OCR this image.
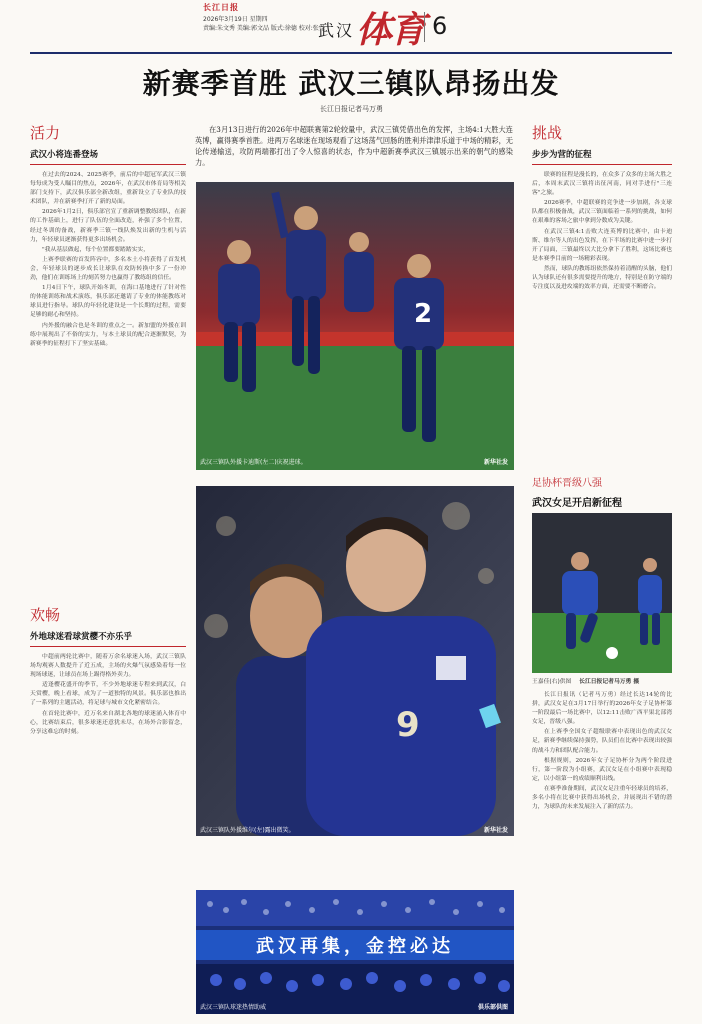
长江日报
2026年3月19日 星期四
责编:朱文秀 美编:郭文品 版式:徐德 校对:张尧
武汉 体育 6
新赛季首胜 武汉三镇队昂扬出发
长江日报记者马万勇
在3月13日进行的2026年中超联赛第2轮较量中，武汉三镇凭借出色的发挥，主场4:1大胜大连英博，赢得赛季首胜。进两万名球迷在现场观看了这场荡气回肠的胜利并津津乐道于中场的精彩，无论传递输送，攻防两端都打出了令人惊喜的状态，作为中超新赛季武汉三镇展示出来的朝气的感染力。
活力
武汉小将连番登场

在过去的2024、2025赛季，前后的中超冠军武汉三镇每每成为受人瞩目的焦点，2026年，在武汉市体育局等相关部门支持下，武汉俱乐部全新改组，重新设立了专业队的技术团队，并在新赛季打开了新的局面。

2026年1月2日，俱乐部官宣了重新调整教练团队，在新的工作基础上，进行了队伍的全面改造，补强了多个位置，经过冬训的备战，新赛季三镇一线队焕发出新的生机与活力，年轻球员逐渐获得更多出场机会。

"我从基层做起，每个位置都要踏踏实实，

上赛季联赛的首发阵容中，多名本土小将获得了首发机会，年轻球员的逐步成长让球队在攻防转换中多了一份冲劲，他们在训练场上的刻苦努力也赢得了教练组的信任。

1月4日下午，球队开始冬训，在海口基地进行了针对性的体能训练和战术演练，俱乐部还邀请了专业的体能教练对球员进行指导。球队的年轻化建设是一个长期的过程，需要足够的耐心和坚持。

内外援的融合也是冬训的重点之一。新加盟的外援在训练中展现出了不俗的实力，与本土球员的配合逐渐默契，为新赛季的征程打下了坚实基础。

欢畅
外地球迷看球赏樱不亦乐乎

中超前两轮比赛中，随着万余名球迷入场，武汉三镇队场均观赛人数提升了近五成，主场的火爆气氛感染着每一位现场球迷，让球员在场上踢得格外卖力。

适逢樱花盛开的季节，不少外地球迷专程来到武汉，白天赏樱，晚上看球，成为了一道独特的风景。俱乐部也推出了一系列的主题活动，将足球与城市文化紧密结合。

在首轮比赛中，近万名来自湖北各地的球迷涌入体育中心，比赛结束后，很多球迷还意犹未尽，在场外合影留念，分享这难忘的时刻。

2
武汉三镇队外援卡迪斯(左二)庆祝进球。	新华社发
9
武汉三镇队外援维尔(左)露出微笑。	新华社发
武汉再集，金控必达
武汉三镇队球迷热情助威	俱乐部供图
挑战
步步为营的征程

联赛的征程是漫长的，在众多了众多的主场大胜之后，本周末武汉三镇将出征河南，同对手进行"三连客"之旅。

2026赛季，中超联赛的竞争进一步加剧，各支球队都在积极备战，武汉三镇面临着一系列的挑战，如何在艰难的客场之旅中拿到分数成为关键。

在武汉三镇4:1击败大连英博的比赛中，由卡迪斯、维尔等人的出色发挥，在下半场的比赛中进一步打开了局面，三镇最终以大比分拿下了胜利，这场比赛也是本赛季目前的一场精彩表现。

然而，球队的教练组依然保持着清醒的头脑，他们认为球队还有很多需要提升的地方，特别是在防守端的专注度以及进攻端的效率方面，还需要不断磨合。

足协杯晋级八强
武汉女足开启新征程
王嘉佳(右)供图 长江日报记者马万勇 摄

长江日报讯（记者马万勇）经过长达14轮的比拼，武汉女足在3月17日举行的2026年女子足协杯第一阶段最后一场比赛中，以12:11击败广西平果北部湾女足，晋级八强。

在上赛季全国女子超级联赛中表现出色的武汉女足，新赛季继续保持强势，队员们在比赛中表现出较强的战斗力和团队配合能力。

根据规则，2026年女子足协杯分为两个阶段进行，第一阶段为小组赛，武汉女足在小组赛中表现稳定，以小组第一的成绩顺利出线。

在赛季准备期间，武汉女足注重年轻球员的培养，多名小将在比赛中获得出场机会，并展现出不错的潜力，为球队的未来发展注入了新的活力。
